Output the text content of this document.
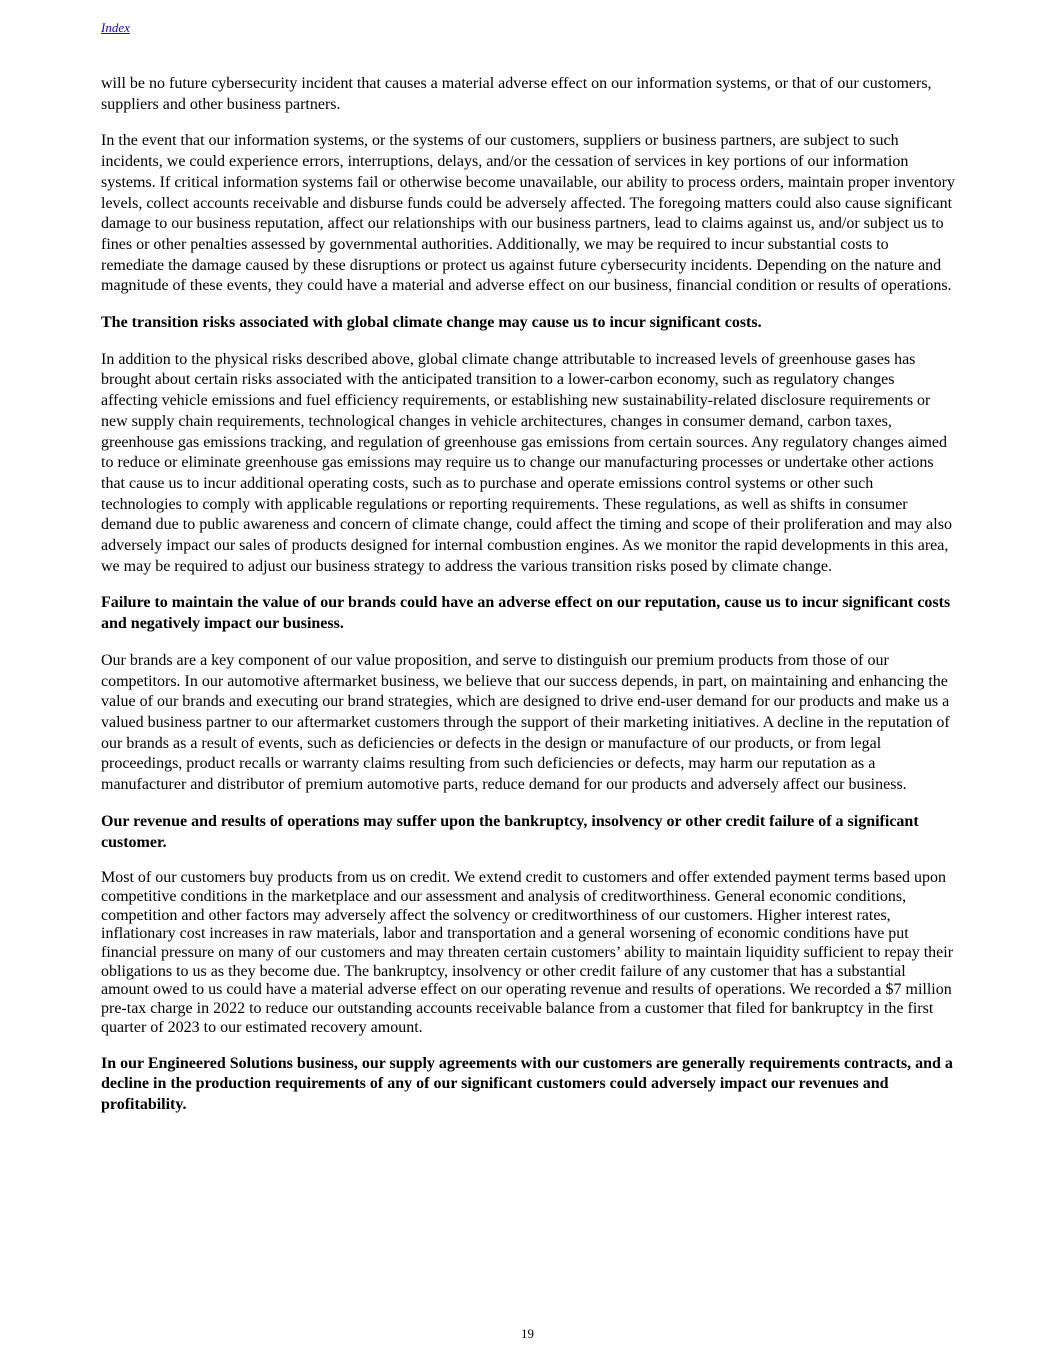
Index

will be no future cybersecurity incident that causes a material adverse effect on our information systems, or that of our customers, suppliers and other business partners.

In the event that our information systems, or the systems of our customers, suppliers or business partners, are subject to such incidents, we could experience errors, interruptions, delays, and/or the cessation of services in key portions of our information systems. If critical information systems fail or otherwise become unavailable, our ability to process orders, maintain proper inventory levels, collect accounts receivable and disburse funds could be adversely affected. The foregoing matters could also cause significant damage to our business reputation, affect our relationships with our business partners, lead to claims against us, and/or subject us to fines or other penalties assessed by governmental authorities. Additionally, we may be required to incur substantial costs to remediate the damage caused by these disruptions or protect us against future cybersecurity incidents. Depending on the nature and magnitude of these events, they could have a material and adverse effect on our business, financial condition or results of operations.

The transition risks associated with global climate change may cause us to incur significant costs.

In addition to the physical risks described above, global climate change attributable to increased levels of greenhouse gases has brought about certain risks associated with the anticipated transition to a lower-carbon economy, such as regulatory changes affecting vehicle emissions and fuel efficiency requirements, or establishing new sustainability-related disclosure requirements or new supply chain requirements, technological changes in vehicle architectures, changes in consumer demand, carbon taxes, greenhouse gas emissions tracking, and regulation of greenhouse gas emissions from certain sources. Any regulatory changes aimed to reduce or eliminate greenhouse gas emissions may require us to change our manufacturing processes or undertake other actions that cause us to incur additional operating costs, such as to purchase and operate emissions control systems or other such technologies to comply with applicable regulations or reporting requirements. These regulations, as well as shifts in consumer demand due to public awareness and concern of climate change, could affect the timing and scope of their proliferation and may also adversely impact our sales of products designed for internal combustion engines. As we monitor the rapid developments in this area, we may be required to adjust our business strategy to address the various transition risks posed by climate change.

Failure to maintain the value of our brands could have an adverse effect on our reputation, cause us to incur significant costs and negatively impact our business.

Our brands are a key component of our value proposition, and serve to distinguish our premium products from those of our competitors. In our automotive aftermarket business, we believe that our success depends, in part, on maintaining and enhancing the value of our brands and executing our brand strategies, which are designed to drive end-user demand for our products and make us a valued business partner to our aftermarket customers through the support of their marketing initiatives. A decline in the reputation of our brands as a result of events, such as deficiencies or defects in the design or manufacture of our products, or from legal proceedings, product recalls or warranty claims resulting from such deficiencies or defects, may harm our reputation as a manufacturer and distributor of premium automotive parts, reduce demand for our products and adversely affect our business.

Our revenue and results of operations may suffer upon the bankruptcy, insolvency or other credit failure of a significant customer.

Most of our customers buy products from us on credit. We extend credit to customers and offer extended payment terms based upon competitive conditions in the marketplace and our assessment and analysis of creditworthiness. General economic conditions, competition and other factors may adversely affect the solvency or creditworthiness of our customers. Higher interest rates, inflationary cost increases in raw materials, labor and transportation and a general worsening of economic conditions have put financial pressure on many of our customers and may threaten certain customers’ ability to maintain liquidity sufficient to repay their obligations to us as they become due. The bankruptcy, insolvency or other credit failure of any customer that has a substantial amount owed to us could have a material adverse effect on our operating revenue and results of operations. We recorded a $7 million pre-tax charge in 2022 to reduce our outstanding accounts receivable balance from a customer that filed for bankruptcy in the first quarter of 2023 to our estimated recovery amount.

In our Engineered Solutions business, our supply agreements with our customers are generally requirements contracts, and a decline in the production requirements of any of our significant customers could adversely impact our revenues and profitability.

19
